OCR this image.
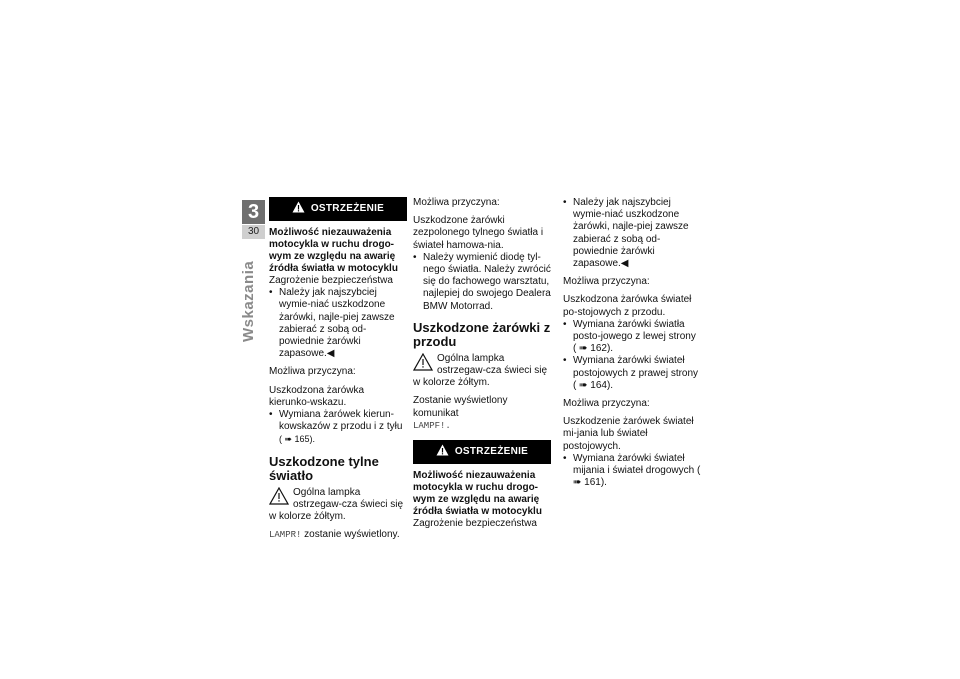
3
30
Wskazania
OSTRZEŻENIE
Możliwość niezauważenia motocykla w ruchu drogo-wym ze względu na awarię źródła światła w motocyklu

Zagrożenie bezpieczeństwa

• Należy jak najszybciej wymie-niać uszkodzone żarówki, najle-piej zawsze zabierać z sobą od-powiednie żarówki zapasowe.◀

Możliwa przyczyna:

Uszkodzona żarówka kierunko-wskazu.

• Wymiana żarówek kierun-kowskazów z przodu i z tyłu
( ➠ 165).
Uszkodzone tylne światło
Ogólna lampka ostrzegaw-cza świeci się w kolorze żółtym.

LAMPR! zostanie wyświetlony.

Możliwa przyczyna:

Uszkodzone żarówki zezpolonego tylnego światła i świateł hamowa-nia.

• Należy wymienić diodę tyl-nego światła. Należy zwrócić się do fachowego warsztatu, najlepiej do swojego Dealera BMW Motorrad.
Uszkodzone żarówki z przodu
Ogólna lampka ostrzegaw-cza świeci się w kolorze żółtym.

Zostanie wyświetlony komunikat

LAMPF!.

OSTRZEŻENIE
Możliwość niezauważenia motocykla w ruchu drogo-wym ze względu na awarię źródła światła w motocyklu

Zagrożenie bezpieczeństwa

• Należy jak najszybciej wymie-niać uszkodzone żarówki, najle-piej zawsze zabierać z sobą od-powiednie żarówki zapasowe.◀

Możliwa przyczyna:

Uszkodzona żarówka świateł po-stojowych z przodu.

• Wymiana żarówki światła posto-jowego z lewej strony ( ➠ 162).
• Wymiana żarówki świateł postojowych z prawej strony ( ➠ 164).

Możliwa przyczyna:

Uszkodzenie żarówek świateł mi-jania lub świateł postojowych.

• Wymiana żarówki świateł mijania i świateł drogowych ( ➠ 161).
